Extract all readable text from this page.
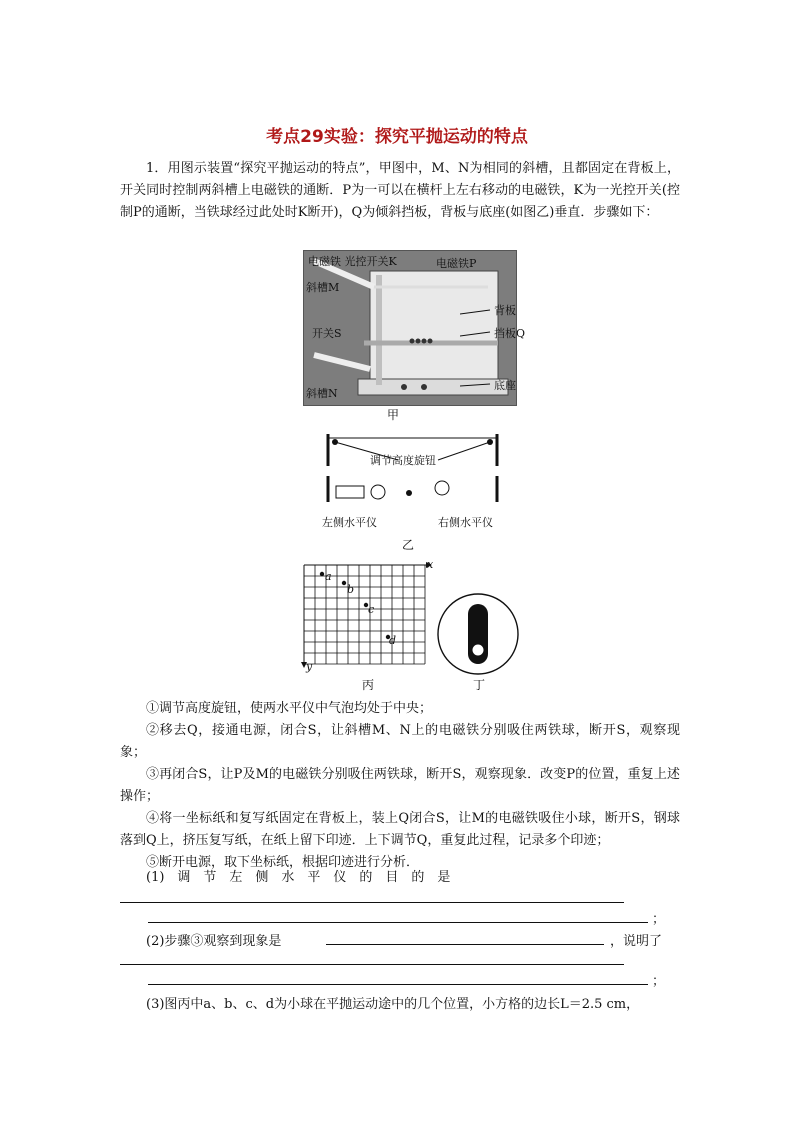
考点29实验：探究平抛运动的特点
1．用图示装置“探究平抛运动的特点”，甲图中，M、N为相同的斜槽，且都固定在背板上，开关同时控制两斜槽上电磁铁的通断．P为一可以在横杆上左右移动的电磁铁，K为一光控开关(控制P的通断，当铁球经过此处时K断开)，Q为倾斜挡板，背板与底座(如图乙)垂直．步骤如下：
电磁铁 光控开关K	电磁铁P
斜槽M
开关S
斜槽N
背板
挡板Q
底座
甲
调节高度旋钮
左侧水平仪	右侧水平仪
乙
x
y
a
b
c
d
丙	丁
①调节高度旋钮，使两水平仪中气泡均处于中央；
②移去Q，接通电源，闭合S，让斜槽M、N上的电磁铁分别吸住两铁球，断开S，观察现象；
③再闭合S，让P及M的电磁铁分别吸住两铁球，断开S，观察现象．改变P的位置，重复上述操作；
④将一坐标纸和复写纸固定在背板上，装上Q闭合S，让M的电磁铁吸住小球，断开S，钢球落到Q上，挤压复写纸，在纸上留下印迹．上下调节Q，重复此过程，记录多个印迹；
⑤断开电源，取下坐标纸，根据印迹进行分析．
(1)　调　节　左　侧　水　平　仪　的　目　的　是
；
(2)步骤③观察到现象是	，说明了
；
(3)图丙中a、b、c、d为小球在平抛运动途中的几个位置，小方格的边长L＝2.5 cm，
